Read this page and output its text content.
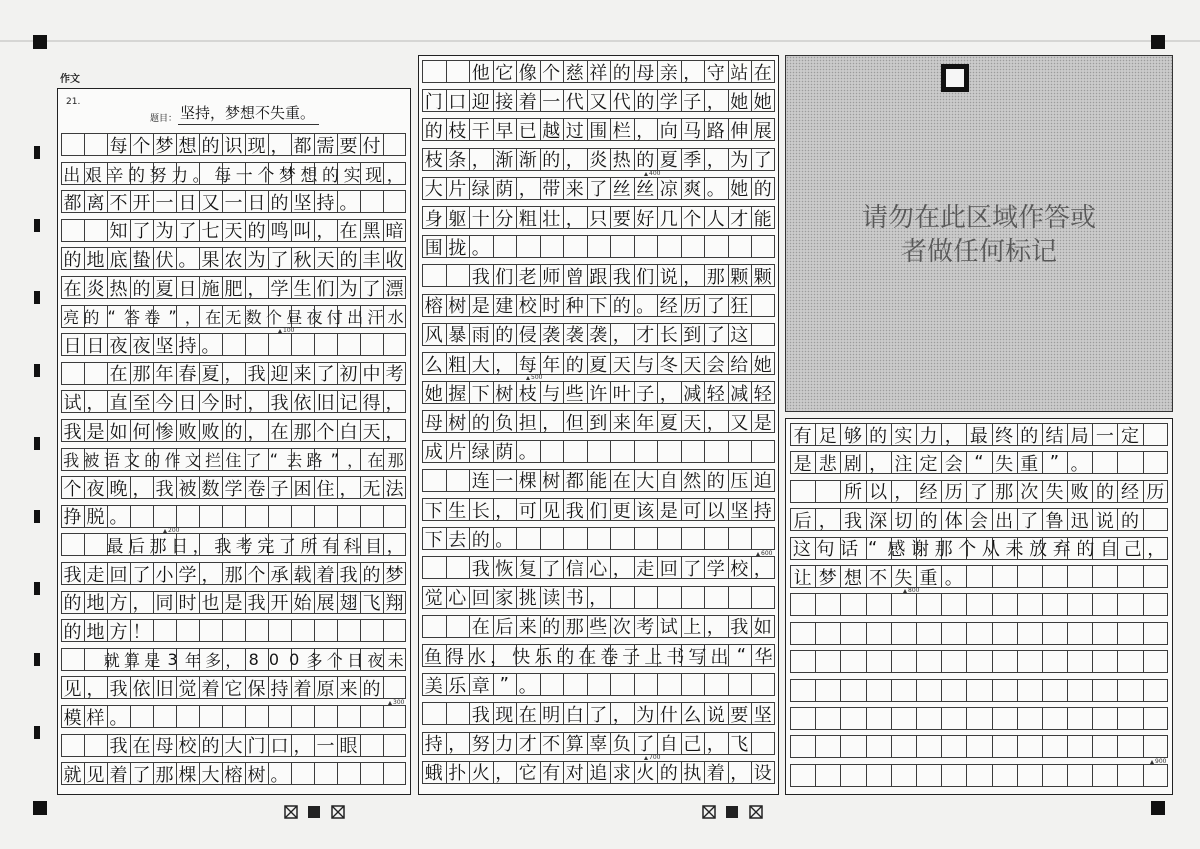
作文
21.
题目： 坚持，梦想不失重。
每 个 梦 想 的 识 现 ， 都 需 要 付
出 艰 辛 的 努 力 。 每 一 个 梦 想 的 实 现 ，
都 离 不 开 一 日 又 一 日 的 坚 持 。
知 了 为 了 七 天 的 鸣 叫 ， 在 黑 暗
的 地 底 蛰 伏 。 果 农 为 了 秋 天 的 丰 收
在 炎 热 的 夏 日 施 肥 ， 学 生 们 为 了 漂
亮 的 “ 答 卷 ” ， 在 无 数 个 昼 夜 付 出 汗 水
日 日 夜 夜 坚 持 。
在 那 年 春 夏 ， 我 迎 来 了 初 中 考
试 ， 直 至 今 日 今 时 ， 我 依 旧 记 得 ，
我 是 如 何 惨 败 败 的 ， 在 那 个 白 天 ，
我 被 语 文 的 作 文 拦 住 了 “ 去 路 ” ， 在 那
个 夜 晚 ， 我 被 数 学 卷 子 困 住 ， 无 法
挣 脱 。
最 后 那 日 ， 我 考 完 了 所 有 科 目 ，
我 走 回 了 小 学 ， 那 个 承 载 着 我 的 梦
的 地 方 ， 同 时 也 是 我 开 始 展 翅 飞 翔
的 地 方 ！
就 算 是 3 年 多 ， 8 0 0 多 个 日 夜 未
见 ， 我 依 旧 觉 着 它 保 持 着 原 来 的
模 样 。
我 在 母 校 的 大 门 口 ， 一 眼
就 见 着 了 那 棵 大 榕 树 。
他 它 像 个 慈 祥 的 母 亲 ， 守 站 在
门 口 迎 接 着 一 代 又 代 的 学 子 ， 她 她
的 枝 干 早 已 越 过 围 栏 ， 向 马 路 伸 展
枝 条 ， 渐 渐 的 ， 炎 热 的 夏 季 ， 为 了
大 片 绿 荫 ， 带 来 了 丝 丝 凉 爽 。 她 的
身 躯 十 分 粗 壮 ， 只 要 好 几 个 人 才 能
围 拢 。
我 们 老 师 曾 跟 我 们 说 ， 那 颗 颗
榕 树 是 建 校 时 种 下 的 。 经 历 了 狂
风 暴 雨 的 侵 袭 袭 袭 ， 才 长 到 了 这
么 粗 大 ， 每 年 的 夏 天 与 冬 天 会 给 她
她 握 下 树 枝 与 些 许 叶 子 ， 减 轻 减 轻
母 树 的 负 担 ， 但 到 来 年 夏 天 ， 又 是
成 片 绿 荫 。
连 一 棵 树 都 能 在 大 自 然 的 压 迫
下 生 长 ， 可 见 我 们 更 该 是 可 以 坚 持
下 去 的 。
我 恢 复 了 信 心 ， 走 回 了 学 校 ，
觉 心 回 家 挑 读 书 ，
在 后 来 的 那 些 次 考 试 上 ， 我 如
鱼 得 水 ， 快 乐 的 在 卷 子 上 书 写 出 “ 华
美 乐 章 ” 。
我 现 在 明 白 了 ， 为 什 么 说 要 坚
持 ， 努 力 才 不 算 辜 负 了 自 己 ， 飞
蛾 扑 火 ， 它 有 对 追 求 火 的 执 着 ， 设
请勿在此区域作答或
者做任何标记
有 足 够 的 实 力 ， 最 终 的 结 局 一 定
是 悲 剧 ， 注 定 会 “ 失 重 ” 。
所 以 ， 经 历 了 那 次 失 败 的 经 历
后 ， 我 深 切 的 体 会 出 了 鲁 迅 说 的
这 句 话 “ 感 谢 那 个 从 未 放 弃 的 自 己 ，
让 梦 想 不 失 重 。
100
200
300
400
500
600
700
800
900
